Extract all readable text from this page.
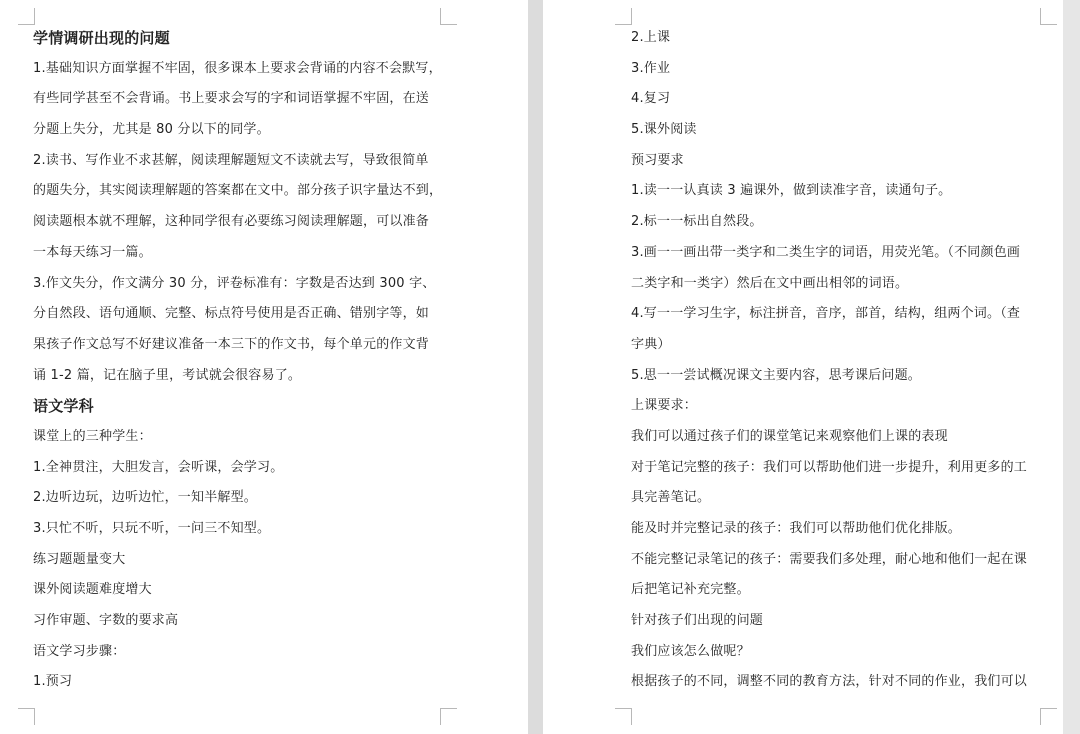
学情调研出现的问题
1.基础知识方面掌握不牢固，很多课本上要求会背诵的内容不会默写，
有些同学甚至不会背诵。书上要求会写的字和词语掌握不牢固，在送
分题上失分，尤其是 80 分以下的同学。
2.读书、写作业不求甚解，阅读理解题短文不读就去写，导致很简单
的题失分，其实阅读理解题的答案都在文中。部分孩子识字量达不到，
阅读题根本就不理解，这种同学很有必要练习阅读理解题，可以准备
一本每天练习一篇。
3.作文失分，作文满分 30 分，评卷标准有：字数是否达到 300 字、
分自然段、语句通顺、完整、标点符号使用是否正确、错别字等，如
果孩子作文总写不好建议准备一本三下的作文书，每个单元的作文背
诵 1-2 篇，记在脑子里，考试就会很容易了。
语文学科
课堂上的三种学生：
1.全神贯注，大胆发言，会听课，会学习。
2.边听边玩，边听边忙，一知半解型。
3.只忙不听，只玩不听，一问三不知型。
练习题题量变大
课外阅读题难度增大
习作审题、字数的要求高
语文学习步骤：
1.预习
2.上课
3.作业
4.复习
5.课外阅读
预习要求
1.读一一认真读 3 遍课外，做到读准字音，读通句子。
2.标一一标出自然段。
3.画一一画出带一类字和二类生字的词语，用荧光笔。（不同颜色画
二类字和一类字）然后在文中画出相邻的词语。
4.写一一学习生字，标注拼音，音序，部首，结构，组两个词。（查
字典）
5.思一一尝试概况课文主要内容，思考课后问题。
上课要求：
我们可以通过孩子们的课堂笔记来观察他们上课的表现
对于笔记完整的孩子：我们可以帮助他们进一步提升，利用更多的工
具完善笔记。
能及时并完整记录的孩子：我们可以帮助他们优化排版。
不能完整记录笔记的孩子：需要我们多处理，耐心地和他们一起在课
后把笔记补充完整。
针对孩子们出现的问题
我们应该怎么做呢？
根据孩子的不同，调整不同的教育方法，针对不同的作业，我们可以
